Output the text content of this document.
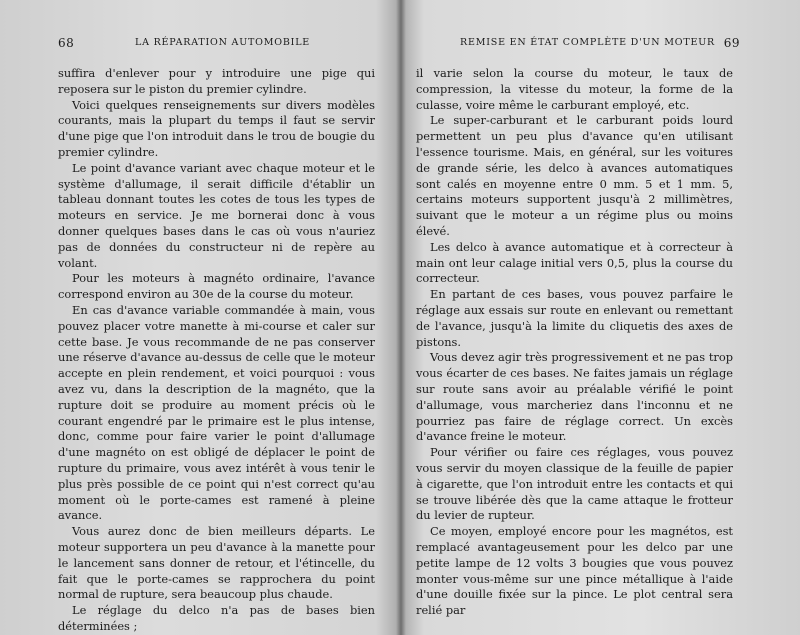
68	LA RÉPARATION AUTOMOBILE

suffira d'enlever pour y introduire une pige qui reposera sur le piston du premier cylindre.

Voici quelques renseignements sur divers modèles courants, mais la plupart du temps il faut se servir d'une pige que l'on introduit dans le trou de bougie du premier cylindre.

Le point d'avance variant avec chaque moteur et le système d'allumage, il serait difficile d'établir un tableau donnant toutes les cotes de tous les types de moteurs en service. Je me bornerai donc à vous donner quelques bases dans le cas où vous n'auriez pas de données du constructeur ni de repère au volant.

Pour les moteurs à magnéto ordinaire, l'avance correspond environ au 30e de la course du moteur.

En cas d'avance variable commandée à main, vous pouvez placer votre manette à mi-course et caler sur cette base. Je vous recommande de ne pas conserver une réserve d'avance au-dessus de celle que le moteur accepte en plein rendement, et voici pourquoi : vous avez vu, dans la description de la magnéto, que la rupture doit se produire au moment précis où le courant engendré par le primaire est le plus intense, donc, comme pour faire varier le point d'allumage d'une magnéto on est obligé de déplacer le point de rupture du primaire, vous avez intérêt à vous tenir le plus près possible de ce point qui n'est correct qu'au moment où le porte-cames est ramené à pleine avance.

Vous aurez donc de bien meilleurs départs. Le moteur supportera un peu d'avance à la manette pour le lancement sans donner de retour, et l'étincelle, du fait que le porte-cames se rapprochera du point normal de rupture, sera beaucoup plus chaude.

Le réglage du delco n'a pas de bases bien déterminées ;

REMISE EN ÉTAT COMPLÈTE D'UN MOTEUR 69

il varie selon la course du moteur, le taux de compression, la vitesse du moteur, la forme de la culasse, voire même le carburant employé, etc.

Le super-carburant et le carburant poids lourd permettent un peu plus d'avance qu'en utilisant l'essence tourisme. Mais, en général, sur les voitures de grande série, les delco à avances automatiques sont calés en moyenne entre 0 mm. 5 et 1 mm. 5, certains moteurs supportent jusqu'à 2 millimètres, suivant que le moteur a un régime plus ou moins élevé.

Les delco à avance automatique et à correcteur à main ont leur calage initial vers 0,5, plus la course du correcteur.

En partant de ces bases, vous pouvez parfaire le réglage aux essais sur route en enlevant ou remettant de l'avance, jusqu'à la limite du cliquetis des axes de pistons.

Vous devez agir très progressivement et ne pas trop vous écarter de ces bases. Ne faites jamais un réglage sur route sans avoir au préalable vérifié le point d'allumage, vous marcheriez dans l'inconnu et ne pourriez pas faire de réglage correct. Un excès d'avance freine le moteur.

Pour vérifier ou faire ces réglages, vous pouvez vous servir du moyen classique de la feuille de papier à cigarette, que l'on introduit entre les contacts et qui se trouve libérée dès que la came attaque le frotteur du levier de rupteur.

Ce moyen, employé encore pour les magnétos, est remplacé avantageusement pour les delco par une petite lampe de 12 volts 3 bougies que vous pouvez monter vous-même sur une pince métallique à l'aide d'une douille fixée sur la pince. Le plot central sera relié par
